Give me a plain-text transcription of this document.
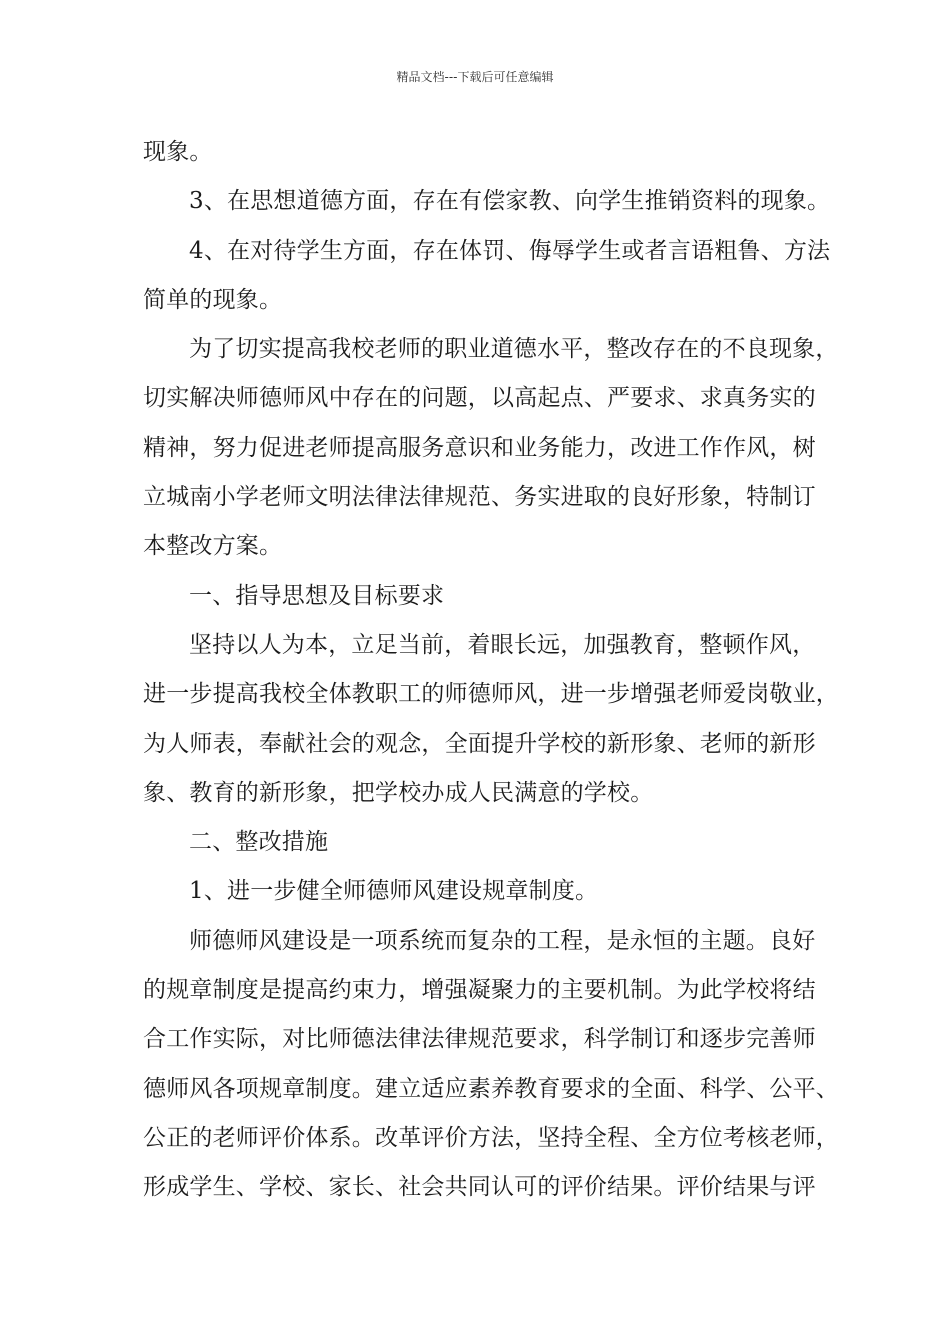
精品文档---下载后可任意编辑
现象。
3、在思想道德方面，存在有偿家教、向学生推销资料的现象。
4、在对待学生方面，存在体罚、侮辱学生或者言语粗鲁、方法
简单的现象。
为了切实提高我校老师的职业道德水平，整改存在的不良现象，
切实解决师德师风中存在的问题，以高起点、严要求、求真务实的
精神，努力促进老师提高服务意识和业务能力，改进工作作风，树
立城南小学老师文明法律法律规范、务实进取的良好形象，特制订
本整改方案。
一、指导思想及目标要求
坚持以人为本，立足当前，着眼长远，加强教育，整顿作风，
进一步提高我校全体教职工的师德师风，进一步增强老师爱岗敬业，
为人师表，奉献社会的观念，全面提升学校的新形象、老师的新形
象、教育的新形象，把学校办成人民满意的学校。
二、整改措施
1、进一步健全师德师风建设规章制度。
师德师风建设是一项系统而复杂的工程，是永恒的主题。良好
的规章制度是提高约束力，增强凝聚力的主要机制。为此学校将结
合工作实际，对比师德法律法律规范要求，科学制订和逐步完善师
德师风各项规章制度。建立适应素养教育要求的全面、科学、公平、
公正的老师评价体系。改革评价方法，坚持全程、全方位考核老师，
形成学生、学校、家长、社会共同认可的评价结果。评价结果与评
